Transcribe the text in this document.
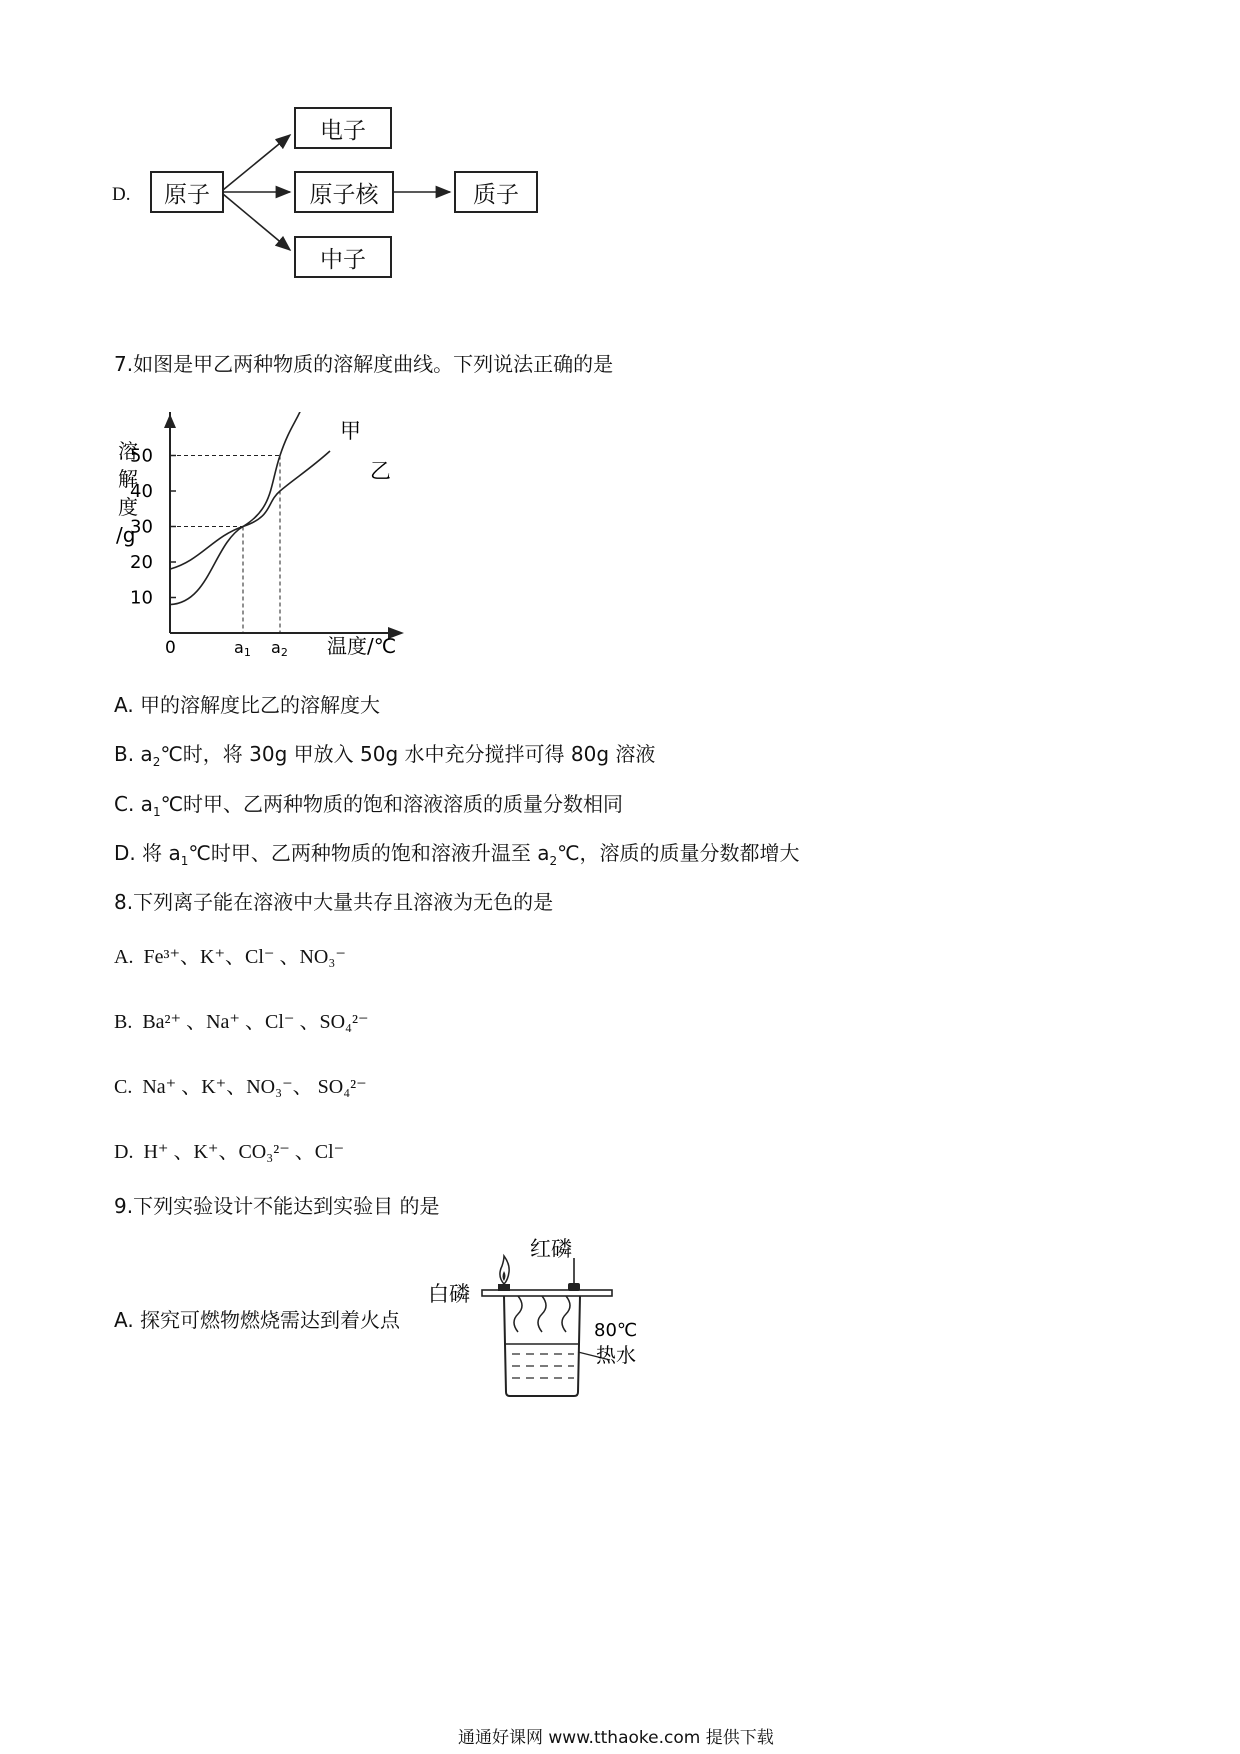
D.	原子
电子
原子核
中子
质子
7.如图是甲乙两种物质的溶解度曲线。下列说法正确的是
10
20
30
40
50
a1 a2
溶
解
度
/g
0	温度/℃
甲
乙
A. 甲的溶解度比乙的溶解度大
B. $a_2℃$时，将 30g 甲放入 50g 水中充分搅拌可得 80g 溶液
C. $a_1℃$时甲、乙两种物质的饱和溶液溶质的质量分数相同
D. 将 $a_1℃$时甲、乙两种物质的饱和溶液升温至 $a_2℃$，溶质的质量分数都增大
8.下列离子能在溶液中大量共存且溶液为无色的是
A. Fe³⁺、K⁺、Cl⁻ 、NO₃⁻
B. Ba²⁺ 、Na⁺ 、Cl⁻ 、SO₄²⁻
C. Na⁺ 、K⁺、NO₃⁻、 SO₄²⁻
D. H⁺ 、K⁺、CO₃²⁻ 、Cl⁻
9.下列实验设计不能达到实验目 的是
A. 探究可燃物燃烧需达到着火点
红磷
白磷
80℃
热水
通通好课网 www.tthaoke.com 提供下载
